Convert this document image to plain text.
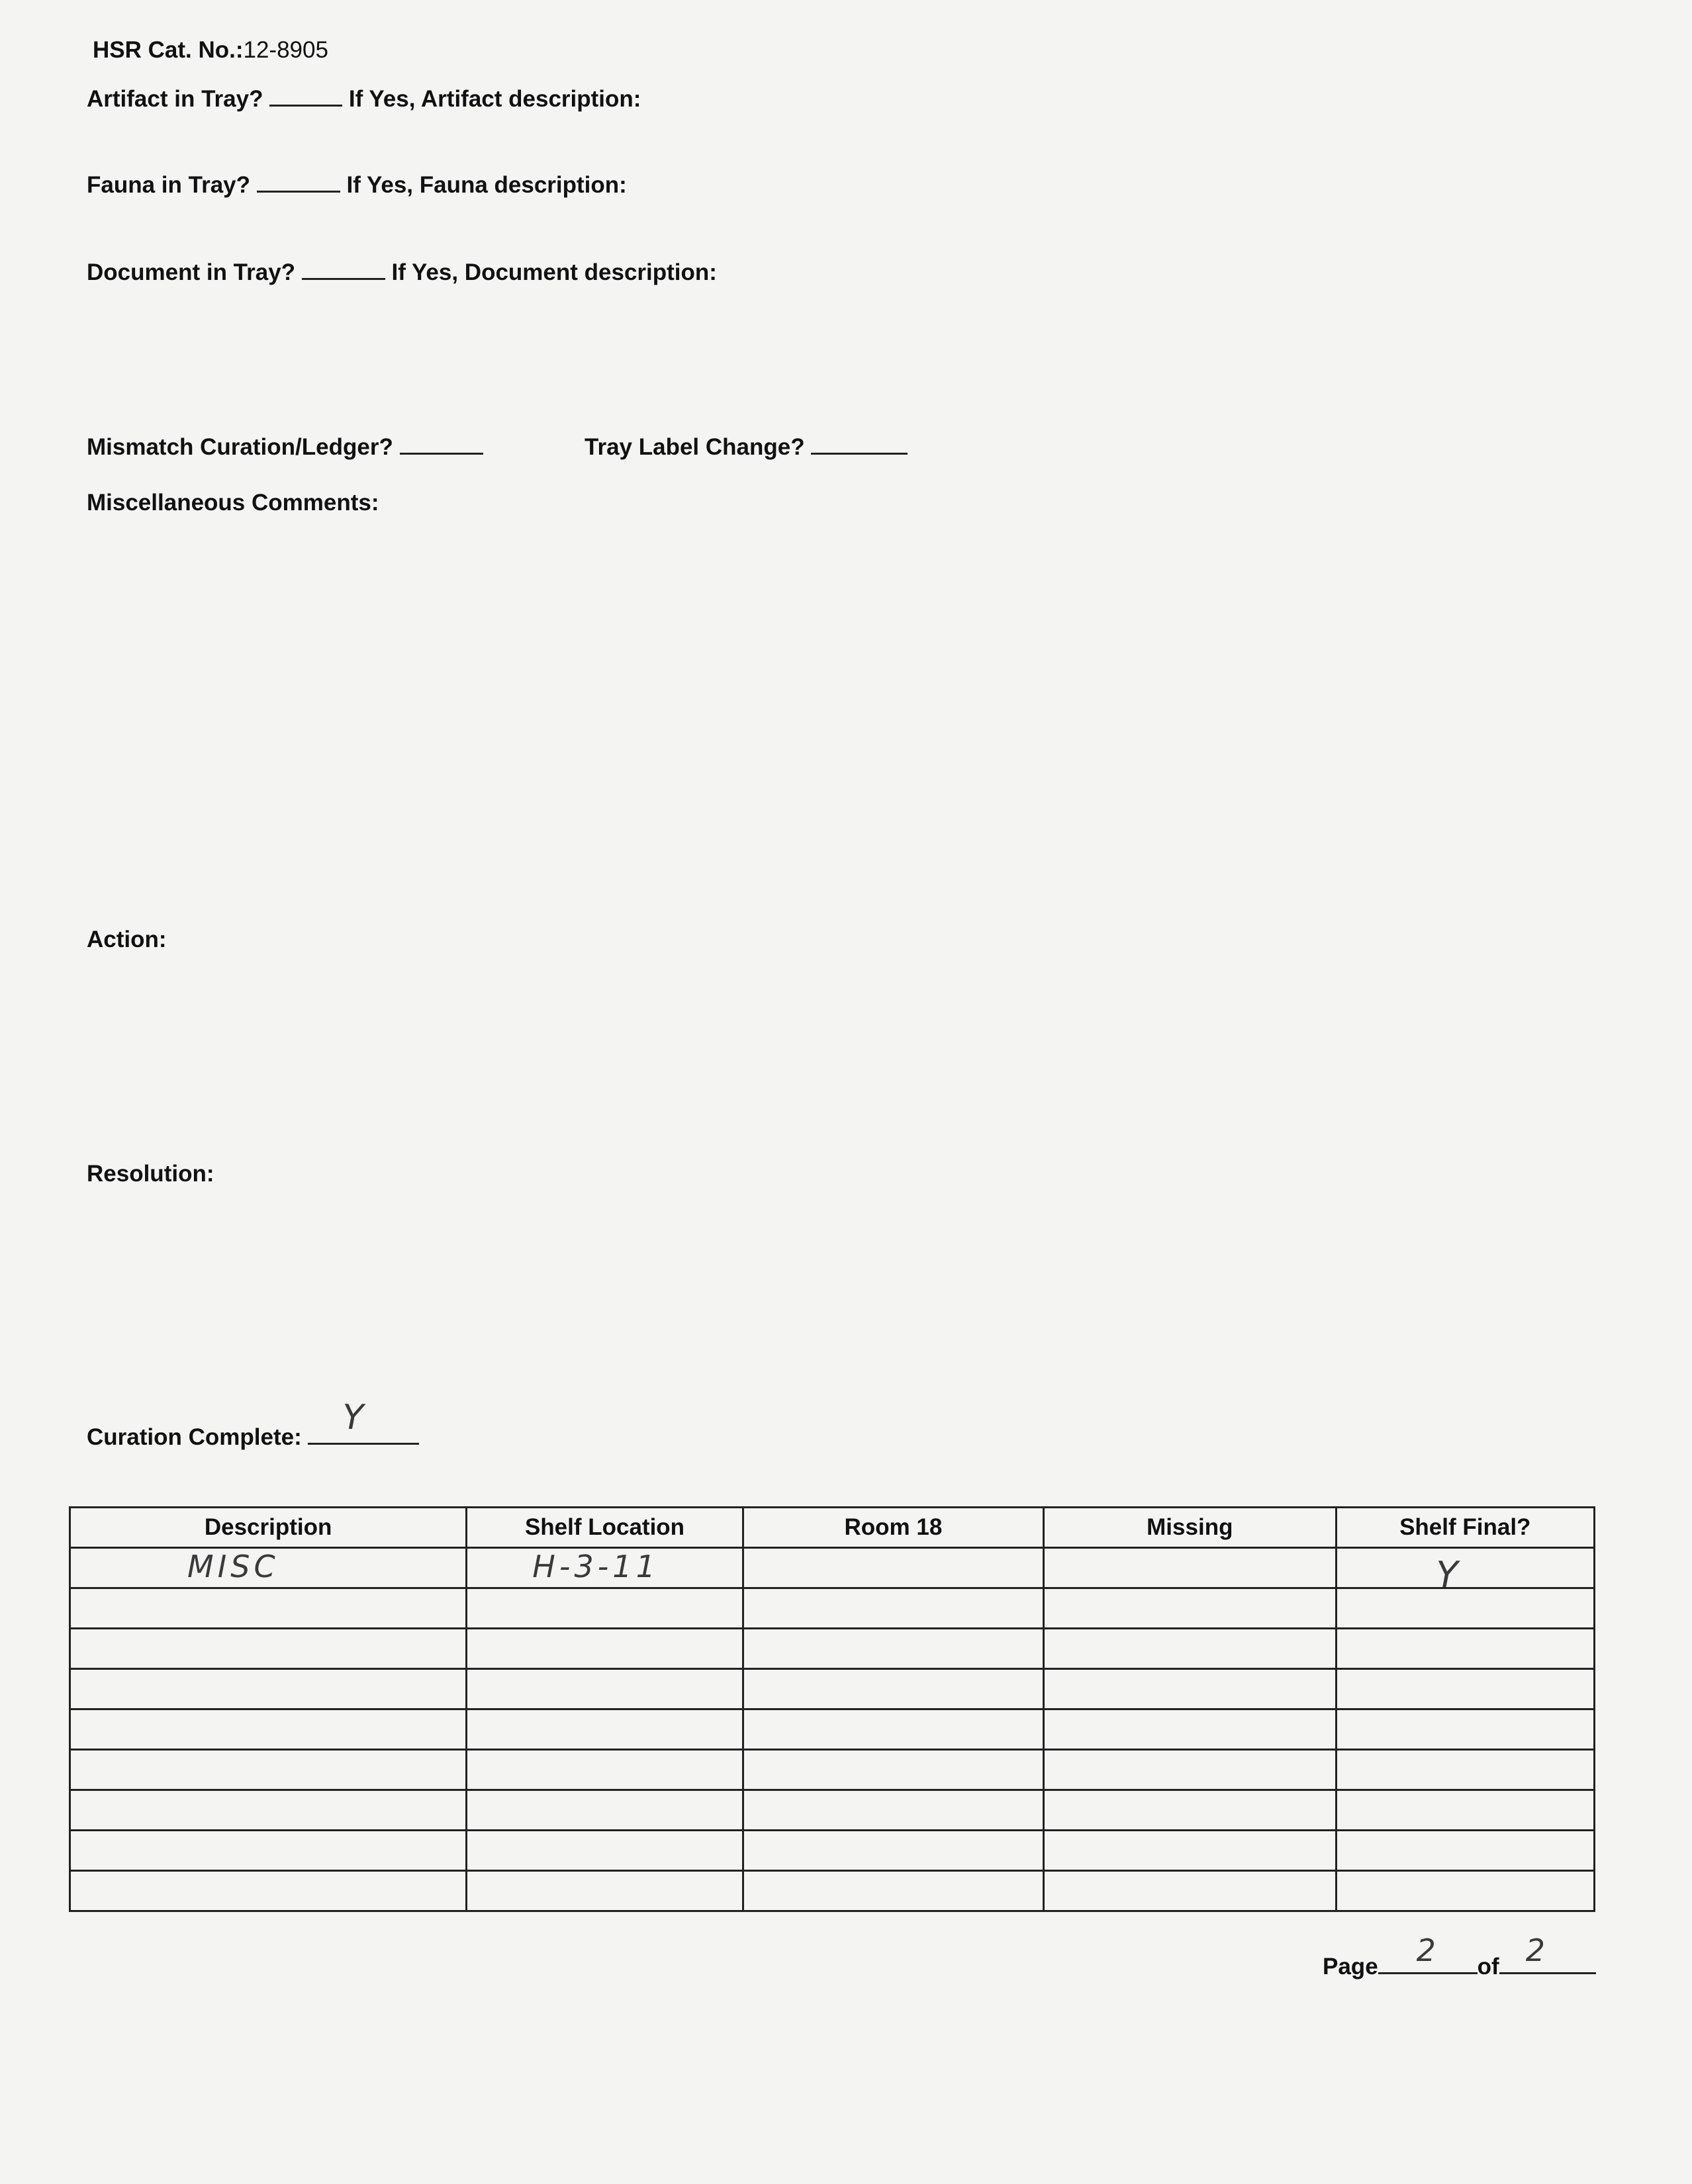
HSR Cat. No.:12-8905
Artifact in Tray?	If Yes, Artifact description:
Fauna in Tray?	If Yes, Fauna description:
Document in Tray?	If Yes, Document description:
Mismatch Curation/Ledger?	Tray Label Change?
Miscellaneous Comments:
Action:
Resolution:
Curation Complete: Y
Description	Shelf Location	Room 18	Missing	Shelf Final?

MISC	H-3-11			Y

Page 2 of 2
